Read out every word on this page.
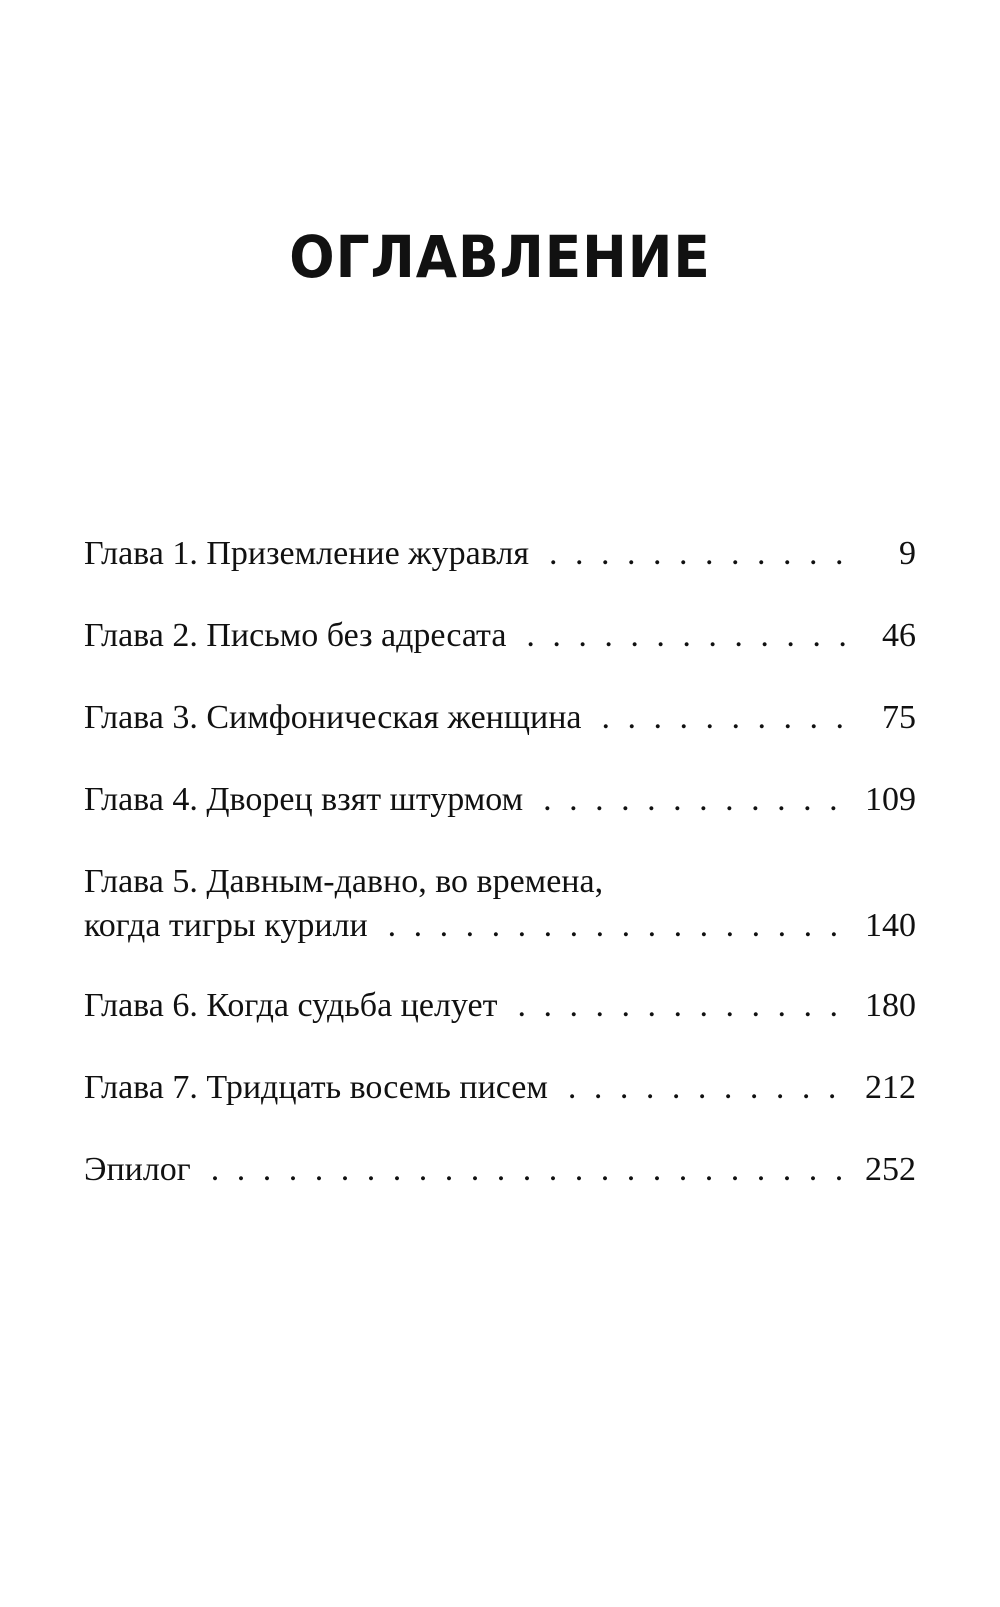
ОГЛАВЛЕНИЕ
Глава 1. Приземление журавля . . .	9
Глава 2. Письмо без адресата . . .	46
Глава 3. Симфоническая женщина . . .	75
Глава 4. Дворец взят штурмом . . .	109
Глава 5. Давным-давно, во времена,
когда тигры курили . . .	140
Глава 6. Когда судьба целует . . .	180
Глава 7. Тридцать восемь писем . . .	212
Эпилог . . .	252
